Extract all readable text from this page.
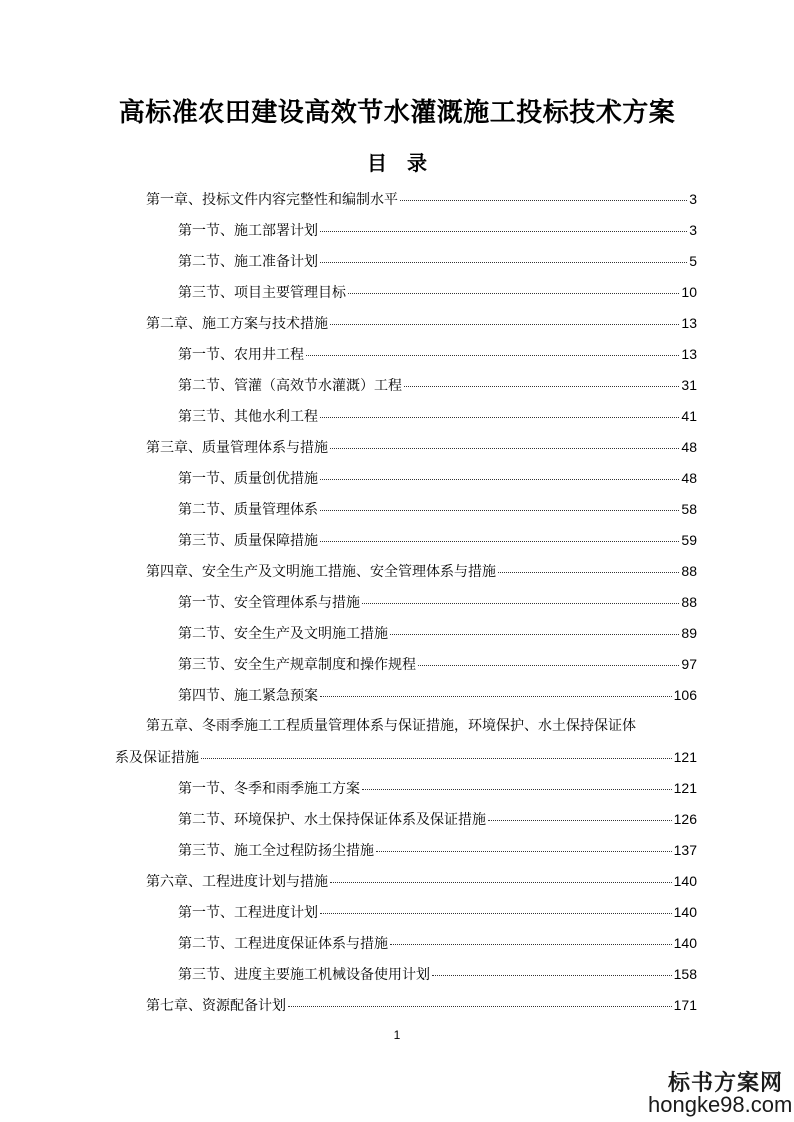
高标准农田建设高效节水灌溉施工投标技术方案
目　录
第一章、投标文件内容完整性和编制水平	3
第一节、施工部署计划	3
第二节、施工准备计划	5
第三节、项目主要管理目标	10
第二章、施工方案与技术措施	13
第一节、农用井工程	13
第二节、管灌（高效节水灌溉）工程	31
第三节、其他水利工程	41
第三章、质量管理体系与措施	48
第一节、质量创优措施	48
第二节、质量管理体系	58
第三节、质量保障措施	59
第四章、安全生产及文明施工措施、安全管理体系与措施	88
第一节、安全管理体系与措施	88
第二节、安全生产及文明施工措施	89
第三节、安全生产规章制度和操作规程	97
第四节、施工紧急预案	106
第五章、冬雨季施工工程质量管理体系与保证措施，环境保护、水土保持保证体
系及保证措施	121
第一节、冬季和雨季施工方案	121
第二节、环境保护、水土保持保证体系及保证措施	126
第三节、施工全过程防扬尘措施	137
第六章、工程进度计划与措施	140
第一节、工程进度计划	140
第二节、工程进度保证体系与措施	140
第三节、进度主要施工机械设备使用计划	158
第七章、资源配备计划	171
1
标书方案网
hongke98.com
